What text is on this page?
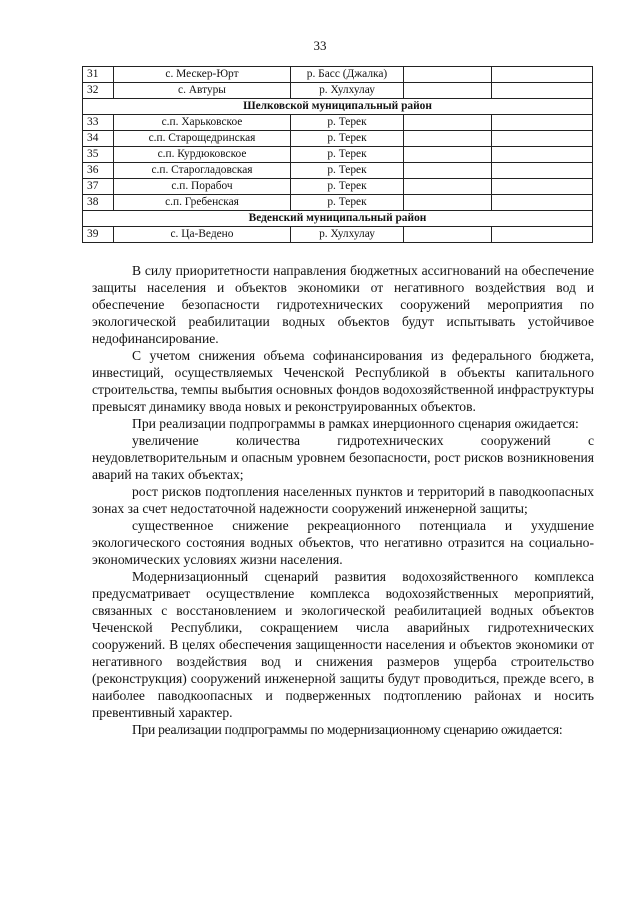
33
31	с. Мескер-Юрт	р. Басс (Джалка)		
32	с. Автуры	р. Хулхулау		
Шелковской муниципальный район				
33	с.п. Харьковское	р. Терек		
34	с.п. Старощедринская	р. Терек		
35	с.п. Курдюковское	р. Терек		
36	с.п. Старогладовская	р. Терек		
37	с.п. Порабоч	р. Терек		
38	с.п. Гребенская	р. Терек		
Веденский муниципальный район				
39	с. Ца-Ведено	р. Хулхулау		

В силу приоритетности направления бюджетных ассигнований на обеспечение защиты населения и объектов экономики от негативного воздействия вод и обеспечение безопасности гидротехнических сооружений мероприятия по экологической реабилитации водных объектов будут испытывать устойчивое недофинансирование.

С учетом снижения объема софинансирования из федерального бюджета, инвестиций, осуществляемых Чеченской Республикой в объекты капитального строительства, темпы выбытия основных фондов водохозяйственной инфраструктуры превысят динамику ввода новых и реконструированных объектов.

При реализации подпрограммы в рамках инерционного сценария ожидается:

увеличение количества гидротехнических сооружений с неудовлетворительным и опасным уровнем безопасности, рост рисков возникновения аварий на таких объектах;

рост рисков подтопления населенных пунктов и территорий в паводкоопасных зонах за счет недостаточной надежности сооружений инженерной защиты;

существенное снижение рекреационного потенциала и ухудшение экологического состояния водных объектов, что негативно отразится на социально-экономических условиях жизни населения.

Модернизационный сценарий развития водохозяйственного комплекса предусматривает осуществление комплекса водохозяйственных мероприятий, связанных с восстановлением и экологической реабилитацией водных объектов Чеченской Республики, сокращением числа аварийных гидротехнических сооружений. В целях обеспечения защищенности населения и объектов экономики от негативного воздействия вод и снижения размеров ущерба строительство (реконструкция) сооружений инженерной защиты будут проводиться, прежде всего, в наиболее паводкоопасных и подверженных подтоплению районах и носить превентивный характер.

При реализации подпрограммы по модернизационному сценарию ожидается:
